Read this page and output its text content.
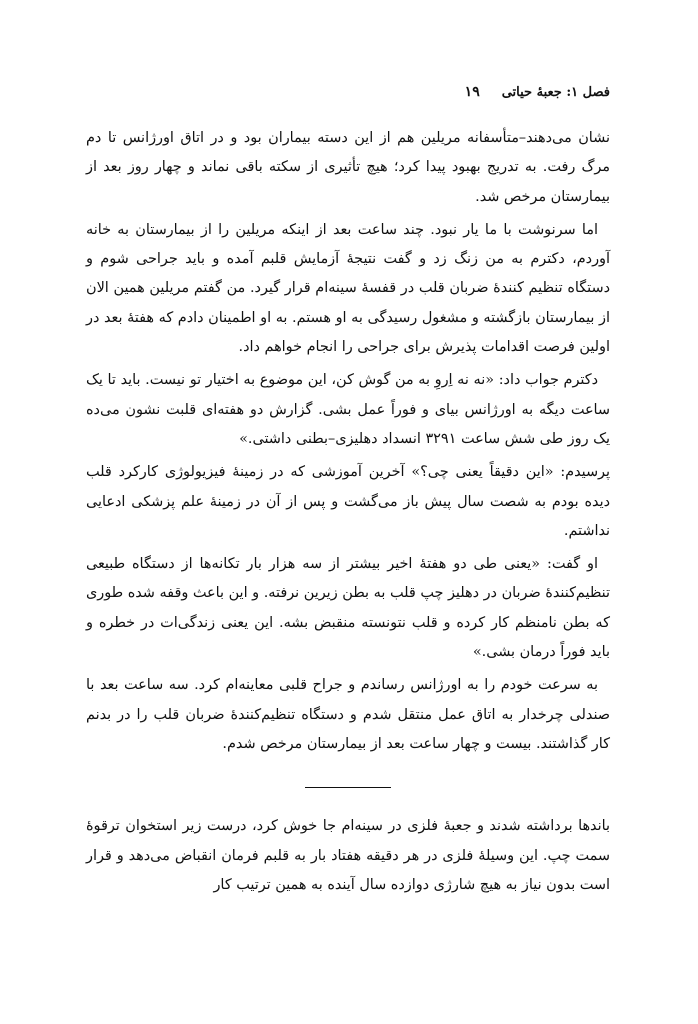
فصل ۱: جعبهٔ حیاتی
۱۹

نشان می‌دهند–متأسفانه مریلین هم از این دسته بیماران بود و در اتاق اورژانس تا دم مرگ رفت. به تدریج بهبود پیدا کرد؛ هیچ تأثیری از سکته باقی نماند و چهار روز بعد از بیمارستان مرخص شد.

اما سرنوشت با ما یار نبود. چند ساعت بعد از اینکه مریلین را از بیمارستان به خانه آوردم، دکترم به من زنگ زد و گفت نتیجهٔ آزمایش قلبم آمده و باید جراحی شوم و دستگاه تنظیم کنندهٔ ضربان قلب در قفسهٔ سینه‌ام قرار گیرد. من گفتم مریلین همین الان از بیمارستان بازگشته و مشغول رسیدگی به او هستم. به او اطمینان دادم که هفتهٔ بعد در اولین فرصت اقدامات پذیرش برای جراحی را انجام خواهم داد.

دکترم جواب داد: «نه نه اِروِ به من گوش کن، این موضوع به اختیار تو نیست. باید تا یک ساعت دیگه به اورژانس بیای و فوراً عمل بشی. گزارش دو هفته‌ای قلبت نشون می‌ده یک روز طی شش ساعت ۳۲۹۱ انسداد دهلیزی–بطنی داشتی.»

پرسیدم: «این دقیقاً یعنی چی؟» آخرین آموزشی که در زمینهٔ فیزیولوژی کارکرد قلب دیده بودم به شصت سال پیش باز می‌گشت و پس از آن در زمینهٔ علم پزشکی ادعایی نداشتم.

او گفت: «یعنی طی دو هفتهٔ اخیر بیشتر از سه هزار بار تکانه‌ها از دستگاه طبیعی تنظیم‌کنندهٔ ضربان در دهلیز چپ قلب به بطن زیرین نرفته. و این باعث وقفه شده طوری که بطن نامنظم کار کرده و قلب نتونسته منقبض بشه. این یعنی زندگی‌ات در خطره و باید فوراً درمان بشی.»

به سرعت خودم را به اورژانس رساندم و جراح قلبی معاینه‌ام کرد. سه ساعت بعد با صندلی چرخدار به اتاق عمل منتقل شدم و دستگاه تنظیم‌کنندهٔ ضربان قلب را در بدنم کار گذاشتند. بیست و چهار ساعت بعد از بیمارستان مرخص شدم.

باندها برداشته شدند و جعبهٔ فلزی در سینه‌ام جا خوش کرد، درست زیر استخوان ترقوهٔ سمت چپ. این وسیلهٔ فلزی در هر دقیقه هفتاد بار به قلبم فرمان انقباض می‌دهد و قرار است بدون نیاز به هیچ شارژی دوازده سال آینده به همین ترتیب کار
